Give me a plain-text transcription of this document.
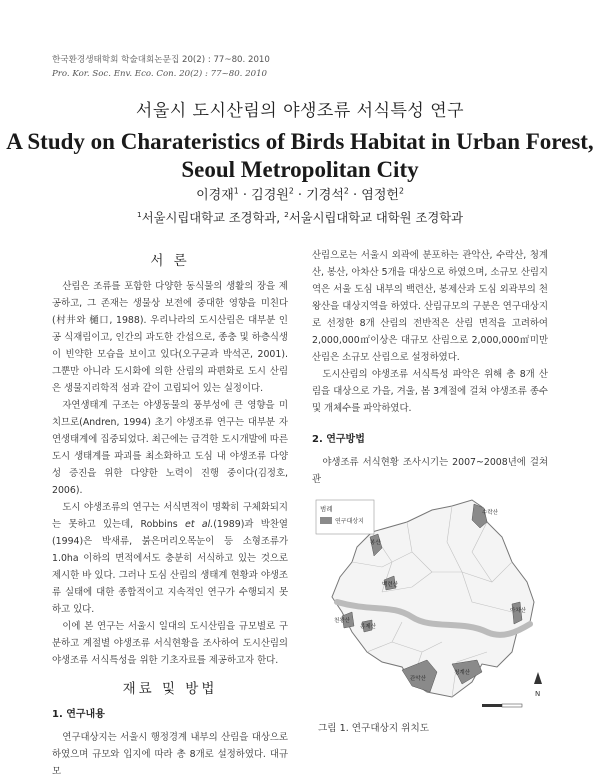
한국환경생태학회 학술대회논문집 20(2) : 77~80. 2010
Pro. Kor. Soc. Env. Eco. Con. 20(2) : 77~80. 2010
서울시 도시산림의 야생조류 서식특성 연구
A Study on Charateristics of Birds Habitat in Urban Forest,
Seoul Metropolitan City
이경재$^1$ · 김경원$^2$ · 기경석$^2$ · 염정헌$^2$
$^1$서울시립대학교 조경학과, $^2$서울시립대학교 대학원 조경학과
서 론

산림은 조류를 포함한 다양한 동식물의 생활의 장을 제공하고, 그 존재는 생물상 보전에 중대한 영향을 미친다(村井와 樋口, 1988). 우리나라의 도시산림은 대부분 인공 식재림이고, 인간의 과도한 간섭으로, 종충 및 하층식생이 빈약한 모습을 보이고 있다(오구균과 박석곤, 2001). 그뿐만 아니라 도시화에 의한 산림의 파편화로 도시 산림은 생물지리학적 섬과 같이 고립되어 있는 실정이다.

자연생태계 구조는 야생동물의 풍부성에 큰 영향을 미치므로(Andren, 1994) 초기 야생조류 연구는 대부분 자연생태계에 집중되었다. 최근에는 급격한 도시개발에 따른 도시 생태계를 파괴를 최소화하고 도심 내 야생조류 다양성 증진을 위한 다양한 노력이 진행 중이다(김정호, 2006).

도시 야생조류의 연구는 서식면적이 명확히 구체화되지는 못하고 있는데, Robbins et al.(1989)과 박찬열(1994)은 박새류, 붉은머리오목눈이 등 소형조류가 1.0ha 이하의 면적에서도 충분히 서식하고 있는 것으로 제시한 바 있다. 그러나 도심 산림의 생태계 현황과 야생조류 실태에 대한 종합적이고 지속적인 연구가 수행되지 못하고 있다.

이에 본 연구는 서울시 일대의 도시산림을 규모별로 구분하고 계절별 야생조류 서식현황을 조사하여 도시산림의 야생조류 서식특성을 위한 기초자료를 제공하고자 한다.

재료 및 방법
1. 연구내용

연구대상지는 서울시 행정경계 내부의 산림을 대상으로 하였으며 규모와 입지에 따라 총 8개로 설정하였다. 대규모

산림으로는 서울시 외곽에 분포하는 관악산, 수락산, 청계산, 봉산, 아차산 5개을 대상으로 하였으며, 소규모 산림지역은 서울 도심 내부의 백련산, 봉제산과 도심 외곽부의 천왕산을 대상지역을 하였다. 산림규모의 구분은 연구대상지로 선정한 8개 산림의 전반적은 산림 면적을 고려하여 2,000,000㎡이상은 대규모 산림으로 2,000,000㎡미만 산림은 소규모 산림으로 설정하였다.

도시산림의 야생조류 서식특성 파악은 위해 총 8개 산림을 대상으로 가을, 겨울, 봄 3계절에 걸쳐 야생조류 종수 및 개체수를 파악하였다.

2. 연구방법

야생조류 서식현황 조사시기는 2007~2008년에 걸쳐 관

범례
연구대상지
수락산
봉산
백련산
아차산
천왕산
봉제산
관악산
청계산
N
그림 1. 연구대상지 위치도
